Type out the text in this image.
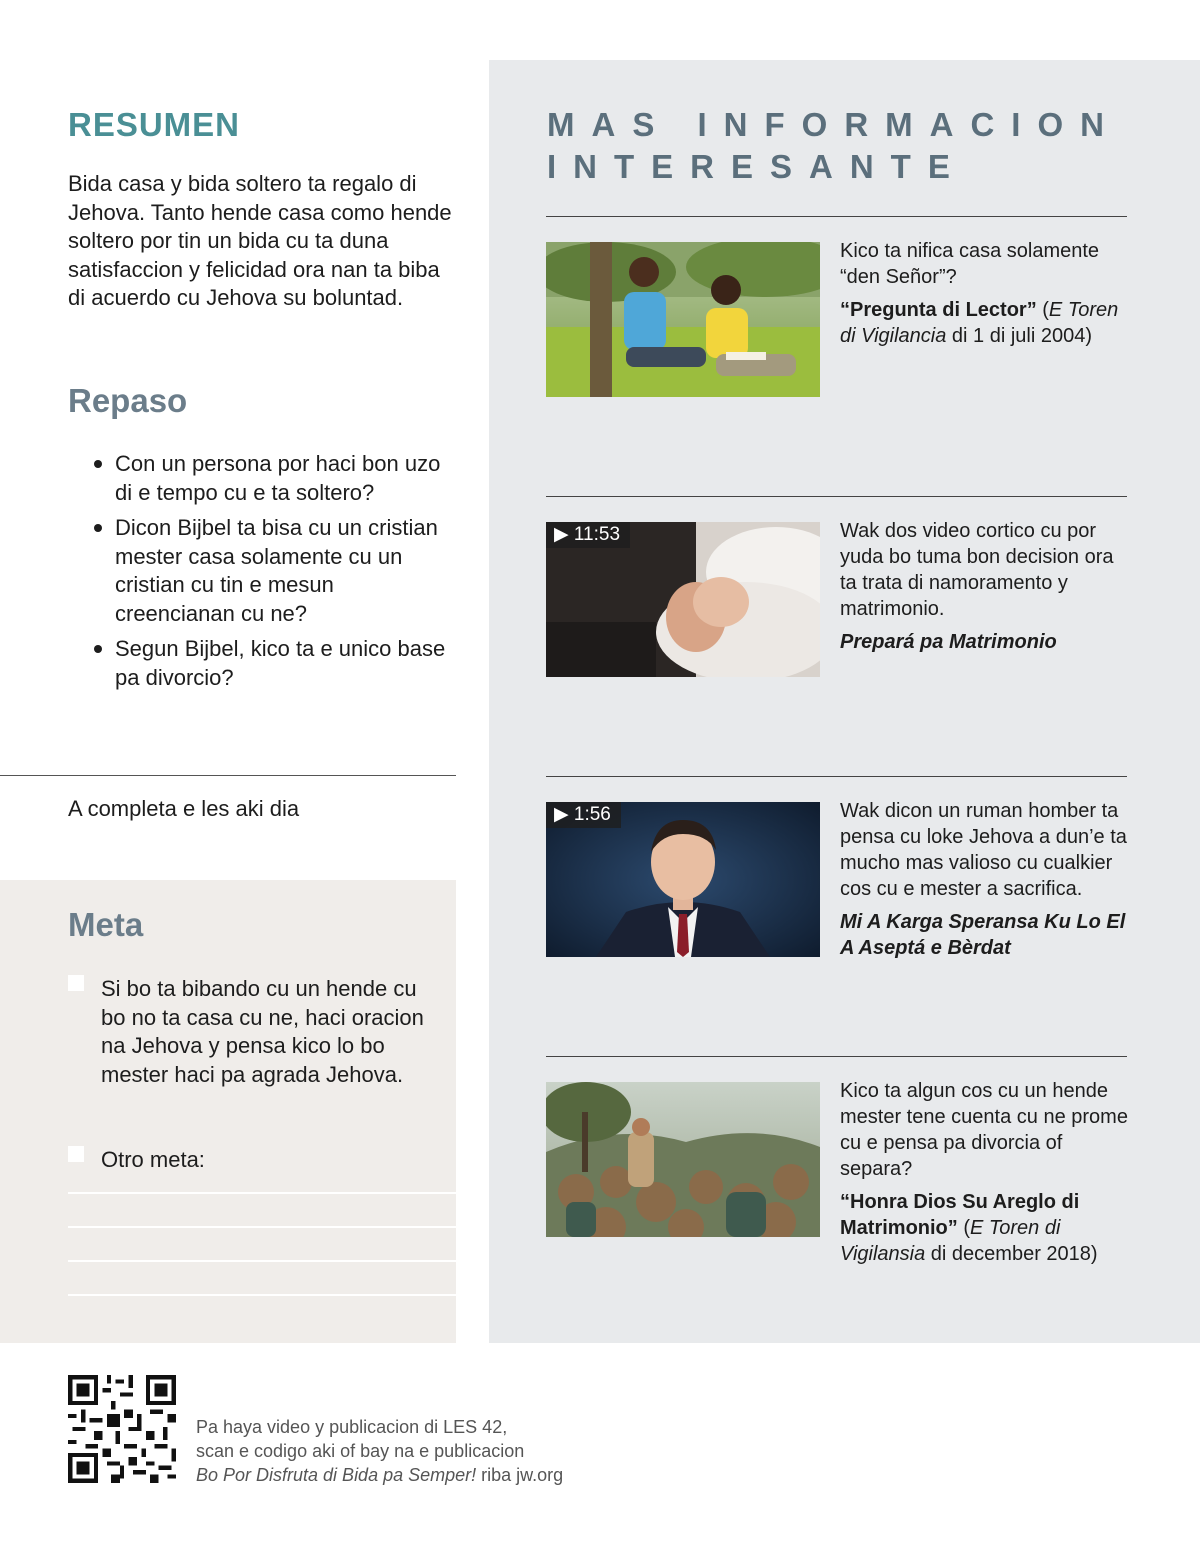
RESUMEN

Bida casa y bida soltero ta regalo di Jehova. Tanto hende casa como hende soltero por tin un bida cu ta duna satisfaccion y felicidad ora nan ta biba di acuerdo cu Jehova su boluntad.

Repaso
Con un persona por haci bon uzo di e tempo cu e ta soltero?
Dicon Bijbel ta bisa cu un cristian mester casa solamente cu un cristian cu tin e mesun creencianan cu ne?
Segun Bijbel, kico ta e unico base pa divorcio?

A completa e les aki dia

Meta
Si bo ta bibando cu un hende cu bo no ta casa cu ne, haci oracion na Jehova y pensa kico lo bo mester haci pa agrada Jehova.
Otro meta:
MAS INFORMACION
INTERESANTE

Kico ta nifica casa solamente “den Señor”?

“Pregunta di Lector” (E Toren di Vigilancia di 1 di juli 2004)

▶ 11:53	Wak dos video cortico cu por yuda bo tuma bon decision ora ta trata di namoramento y matrimonio.

Prepará pa Matrimonio

▶ 1:56	Wak dicon un ruman homber ta pensa cu loke Jehova a dun’e ta mucho mas valioso cu cualkier cos cu e mester a sacrifica.

Mi A Karga Speransa Ku Lo El A Aseptá e Bèrdat

Kico ta algun cos cu un hende mester tene cuenta cu ne prome cu e pensa pa divorcia of separa?

“Honra Dios Su Areglo di Matrimonio” (E Toren di Vigilansia di december 2018)

Pa haya video y publicacion di LES 42,

scan e codigo aki of bay na e publicacion

Bo Por Disfruta di Bida pa Semper! riba jw.org
